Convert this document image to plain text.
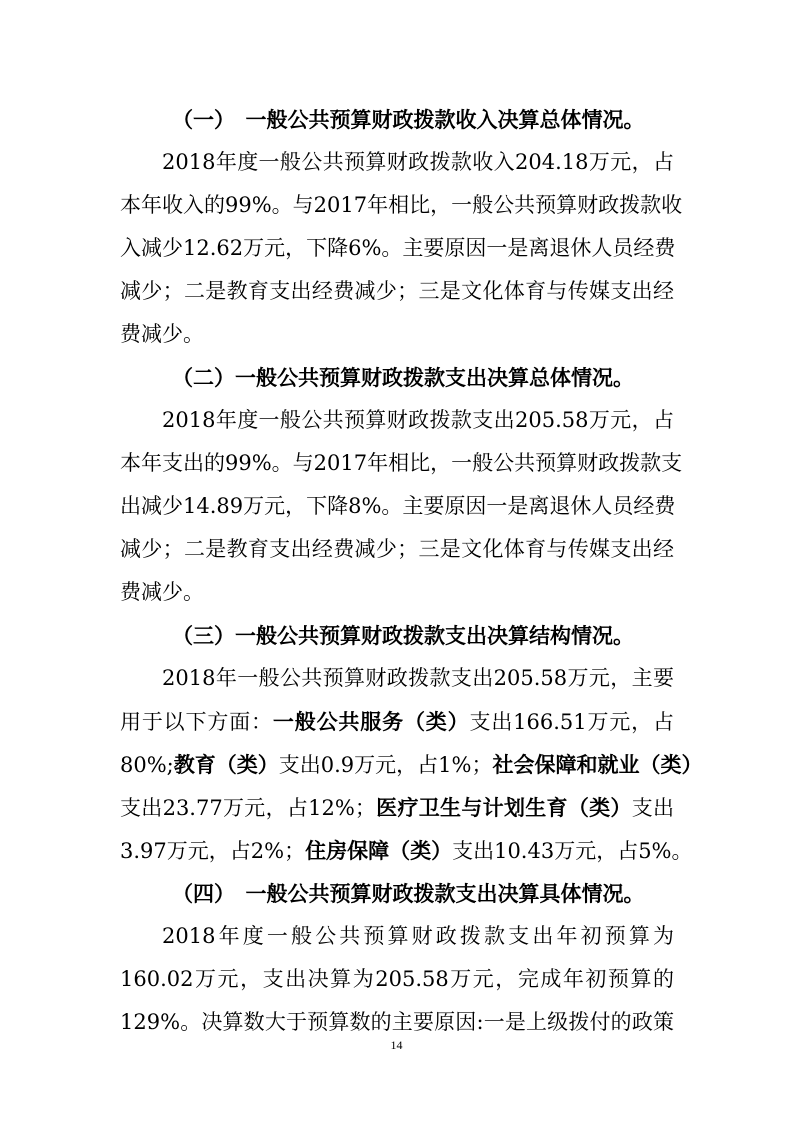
（一）　一般公共预算财政拨款收入决算总体情况。
2018年度一般公共预算财政拨款收入204.18万元，占
本年收入的99%。与2017年相比，一般公共预算财政拨款收
入减少12.62万元，下降6%。主要原因一是离退休人员经费
减少；二是教育支出经费减少；三是文化体育与传媒支出经
费减少。
（二）一般公共预算财政拨款支出决算总体情况。
2018年度一般公共预算财政拨款支出205.58万元，占
本年支出的99%。与2017年相比，一般公共预算财政拨款支
出减少14.89万元，下降8%。主要原因一是离退休人员经费
减少；二是教育支出经费减少；三是文化体育与传媒支出经
费减少。
（三）一般公共预算财政拨款支出决算结构情况。
2018年一般公共预算财政拨款支出205.58万元，主要
用于以下方面：一般公共服务（类）支出166.51万元，占
80%;教育（类）支出0.9万元，占1%；社会保障和就业（类）
支出23.77万元，占12%；医疗卫生与计划生育（类）支出
3.97万元，占2%；住房保障（类）支出10.43万元，占5%。
（四）　一般公共预算财政拨款支出决算具体情况。
2018年度一般公共预算财政拨款支出年初预算为
160.02万元，支出决算为205.58万元，完成年初预算的
129%。决算数大于预算数的主要原因:一是上级拨付的政策
14
